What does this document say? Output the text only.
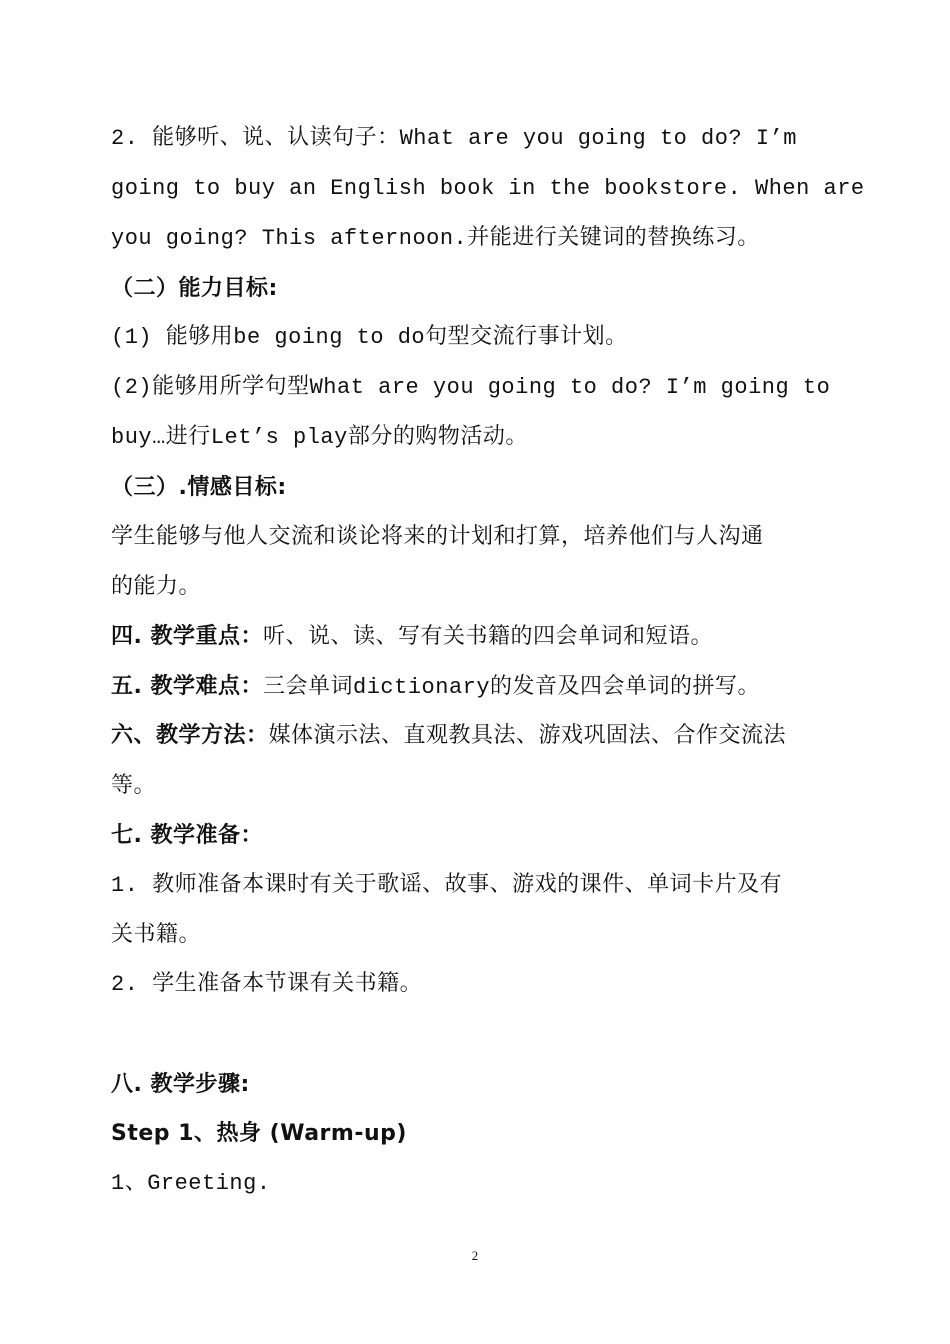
2. 能够听、说、认读句子：What are you going to do? I’m
going to buy an English book in the bookstore. When are
you going? This afternoon.并能进行关键词的替换练习。
（二）能力目标:
(1) 能够用be going to do句型交流行事计划。
(2)能够用所学句型What are you going to do? I’m going to
buy…进行Let’s play部分的购物活动。
（三）.情感目标:
学生能够与他人交流和谈论将来的计划和打算，培养他们与人沟通
的能力。
四. 教学重点：听、说、读、写有关书籍的四会单词和短语。
五. 教学难点：三会单词dictionary的发音及四会单词的拼写。
六、教学方法：媒体演示法、直观教具法、游戏巩固法、合作交流法
等。
七. 教学准备：
1. 教师准备本课时有关于歌谣、故事、游戏的课件、单词卡片及有
关书籍。
2. 学生准备本节课有关书籍。
八. 教学步骤:
Step 1、热身 (Warm-up)
1、Greeting.
2
